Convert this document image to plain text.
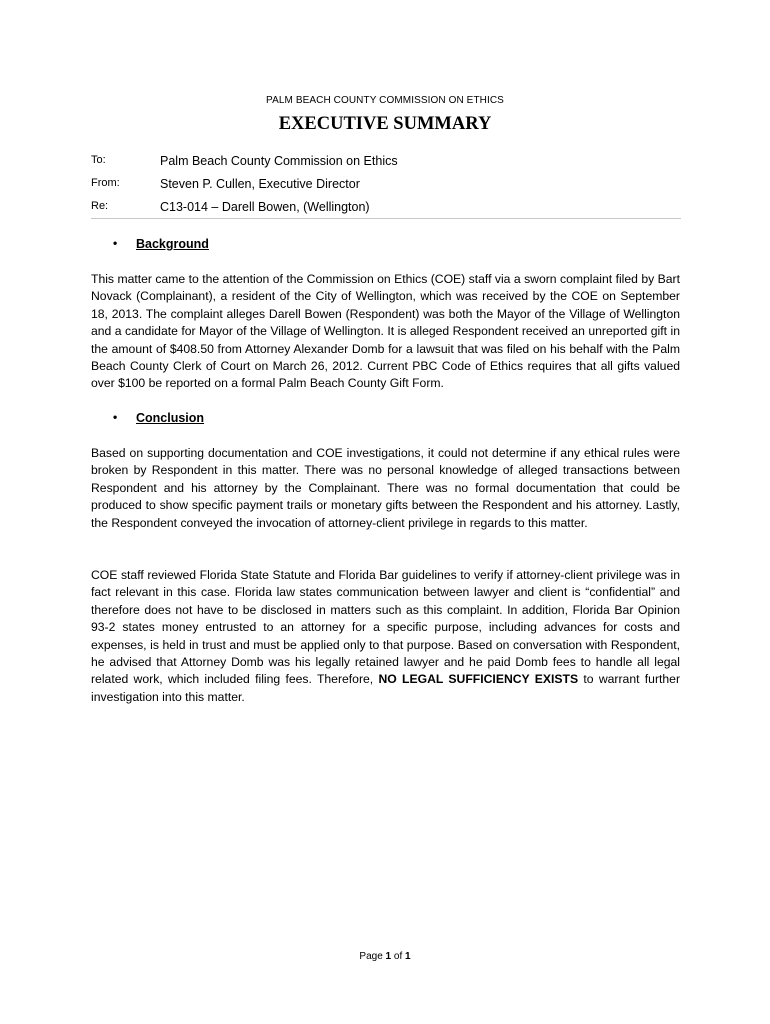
PALM BEACH COUNTY COMMISSION ON ETHICS
EXECUTIVE SUMMARY
To:	Palm Beach County Commission on Ethics
From:	Steven P. Cullen, Executive Director
Re:	C13-014 – Darell Bowen, (Wellington)
• Background

This matter came to the attention of the Commission on Ethics (COE) staff via a sworn complaint filed by Bart Novack (Complainant), a resident of the City of Wellington, which was received by the COE on September 18, 2013. The complaint alleges Darell Bowen (Respondent) was both the Mayor of the Village of Wellington and a candidate for Mayor of the Village of Wellington. It is alleged Respondent received an unreported gift in the amount of $408.50 from Attorney Alexander Domb for a lawsuit that was filed on his behalf with the Palm Beach County Clerk of Court on March 26, 2012. Current PBC Code of Ethics requires that all gifts valued over $100 be reported on a formal Palm Beach County Gift Form.

• Conclusion

Based on supporting documentation and COE investigations, it could not determine if any ethical rules were broken by Respondent in this matter. There was no personal knowledge of alleged transactions between Respondent and his attorney by the Complainant. There was no formal documentation that could be produced to show specific payment trails or monetary gifts between the Respondent and his attorney. Lastly, the Respondent conveyed the invocation of attorney-client privilege in regards to this matter.

COE staff reviewed Florida State Statute and Florida Bar guidelines to verify if attorney-client privilege was in fact relevant in this case. Florida law states communication between lawyer and client is “confidential” and therefore does not have to be disclosed in matters such as this complaint. In addition, Florida Bar Opinion 93-2 states money entrusted to an attorney for a specific purpose, including advances for costs and expenses, is held in trust and must be applied only to that purpose. Based on conversation with Respondent, he advised that Attorney Domb was his legally retained lawyer and he paid Domb fees to handle all legal related work, which included filing fees. Therefore, NO LEGAL SUFFICIENCY EXISTS to warrant further investigation into this matter.

Page 1 of 1
